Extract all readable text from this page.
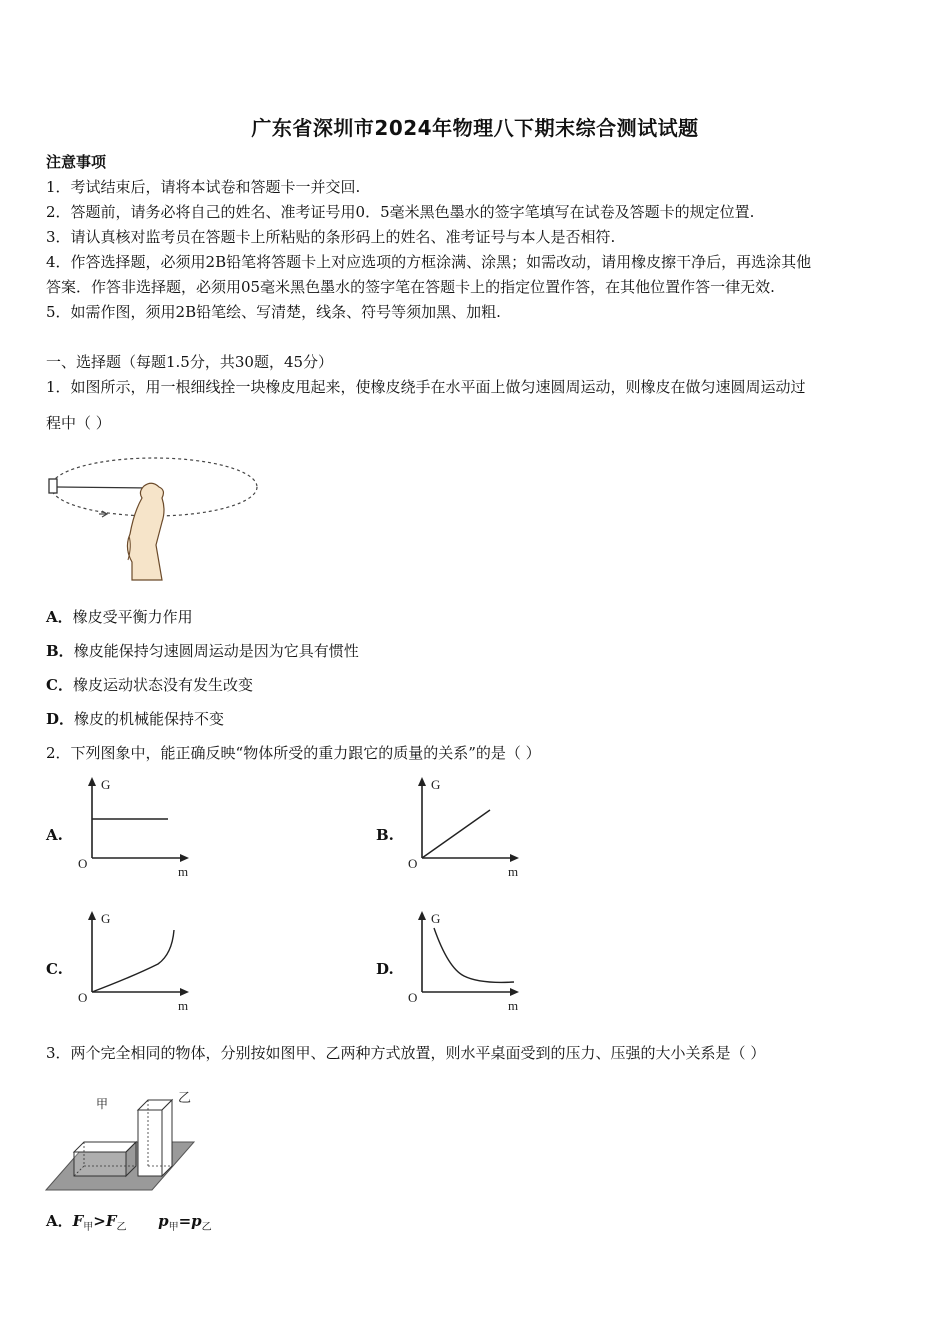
广东省深圳市2024年物理八下期末综合测试试题
注意事项
1．考试结束后，请将本试卷和答题卡一并交回.
2．答题前，请务必将自己的姓名、准考证号用0．5毫米黑色墨水的签字笔填写在试卷及答题卡的规定位置.
3．请认真核对监考员在答题卡上所粘贴的条形码上的姓名、准考证号与本人是否相符.
4．作答选择题，必须用2B铅笔将答题卡上对应选项的方框涂满、涂黑；如需改动，请用橡皮擦干净后，再选涂其他
答案．作答非选择题，必须用05毫米黑色墨水的签字笔在答题卡上的指定位置作答，在其他位置作答一律无效.
5．如需作图，须用2B铅笔绘、写清楚，线条、符号等须加黑、加粗.
一、选择题（每题1.5分，共30题，45分）
1．如图所示，用一根细线拴一块橡皮甩起来，使橡皮绕手在水平面上做匀速圆周运动，则橡皮在做匀速圆周运动过
程中（ ）
A．橡皮受平衡力作用
B．橡皮能保持匀速圆周运动是因为它具有惯性
C．橡皮运动状态没有发生改变
D．橡皮的机械能保持不变
2．下列图象中，能正确反映“物体所受的重力跟它的质量的关系”的是（ ）
A.
G
O
m
B.
G
O
m
C.
G
O
m
D.
G
O
m
3．两个完全相同的物体，分别按如图甲、乙两种方式放置，则水平桌面受到的压力、压强的大小关系是（ ）
甲	乙
A．$F_甲>F_乙$ $p_甲=p_乙$
